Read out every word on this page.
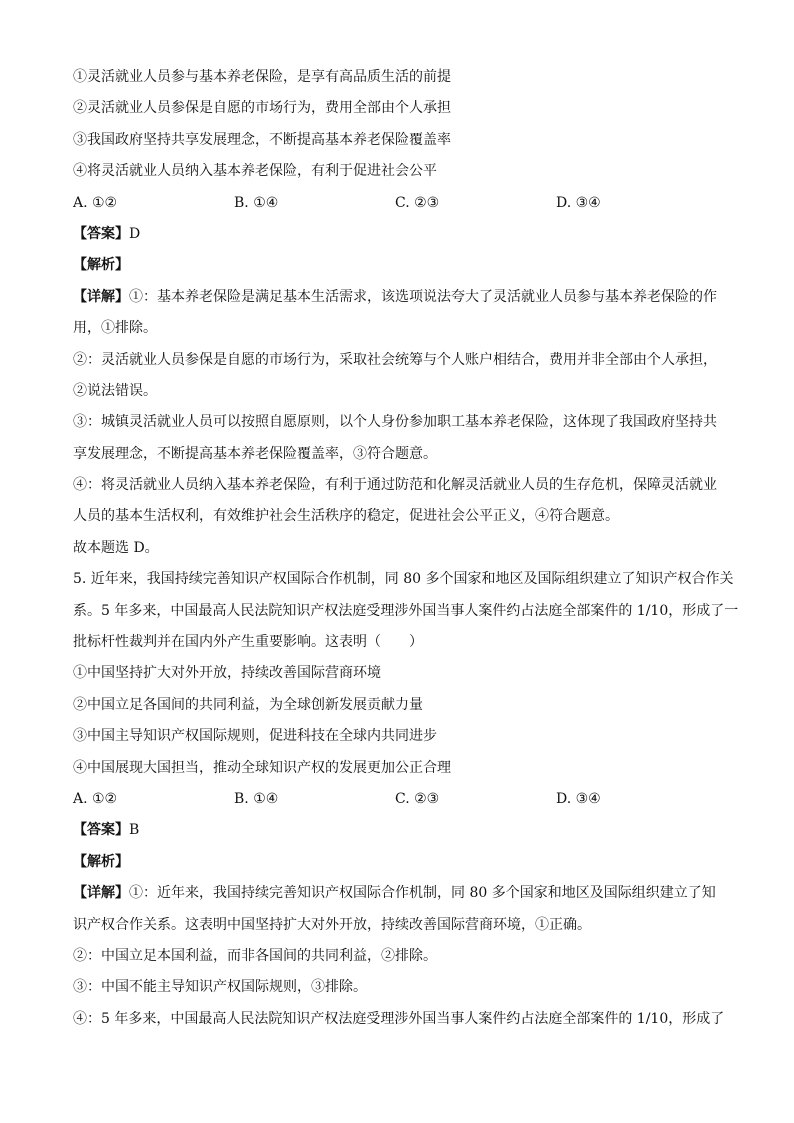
①灵活就业人员参与基本养老保险，是享有高品质生活的前提
②灵活就业人员参保是自愿的市场行为，费用全部由个人承担
③我国政府坚持共享发展理念，不断提高基本养老保险覆盖率
④将灵活就业人员纳入基本养老保险，有利于促进社会公平
A. ①②	B. ①④	C. ②③	D. ③④
【答案】D
【解析】
【详解】①：基本养老保险是满足基本生活需求，该选项说法夸大了灵活就业人员参与基本养老保险的作
用，①排除。
②：灵活就业人员参保是自愿的市场行为，采取社会统筹与个人账户相结合，费用并非全部由个人承担，
②说法错误。
③：城镇灵活就业人员可以按照自愿原则，以个人身份参加职工基本养老保险，这体现了我国政府坚持共
享发展理念，不断提高基本养老保险覆盖率，③符合题意。
④：将灵活就业人员纳入基本养老保险，有利于通过防范和化解灵活就业人员的生存危机，保障灵活就业
人员的基本生活权利，有效维护社会生活秩序的稳定，促进社会公平正义，④符合题意。
故本题选 D。
5. 近年来，我国持续完善知识产权国际合作机制，同 80 多个国家和地区及国际组织建立了知识产权合作关
系。5 年多来，中国最高人民法院知识产权法庭受理涉外国当事人案件约占法庭全部案件的 1/10，形成了一
批标杆性裁判并在国内外产生重要影响。这表明（　　）
①中国坚持扩大对外开放，持续改善国际营商环境
②中国立足各国间的共同利益，为全球创新发展贡献力量
③中国主导知识产权国际规则，促进科技在全球内共同进步
④中国展现大国担当，推动全球知识产权的发展更加公正合理
A. ①②	B. ①④	C. ②③	D. ③④
【答案】B
【解析】
【详解】①：近年来，我国持续完善知识产权国际合作机制，同 80 多个国家和地区及国际组织建立了知
识产权合作关系。这表明中国坚持扩大对外开放，持续改善国际营商环境，①正确。
②：中国立足本国利益，而非各国间的共同利益，②排除。
③：中国不能主导知识产权国际规则，③排除。
④：5 年多来，中国最高人民法院知识产权法庭受理涉外国当事人案件约占法庭全部案件的 1/10，形成了
